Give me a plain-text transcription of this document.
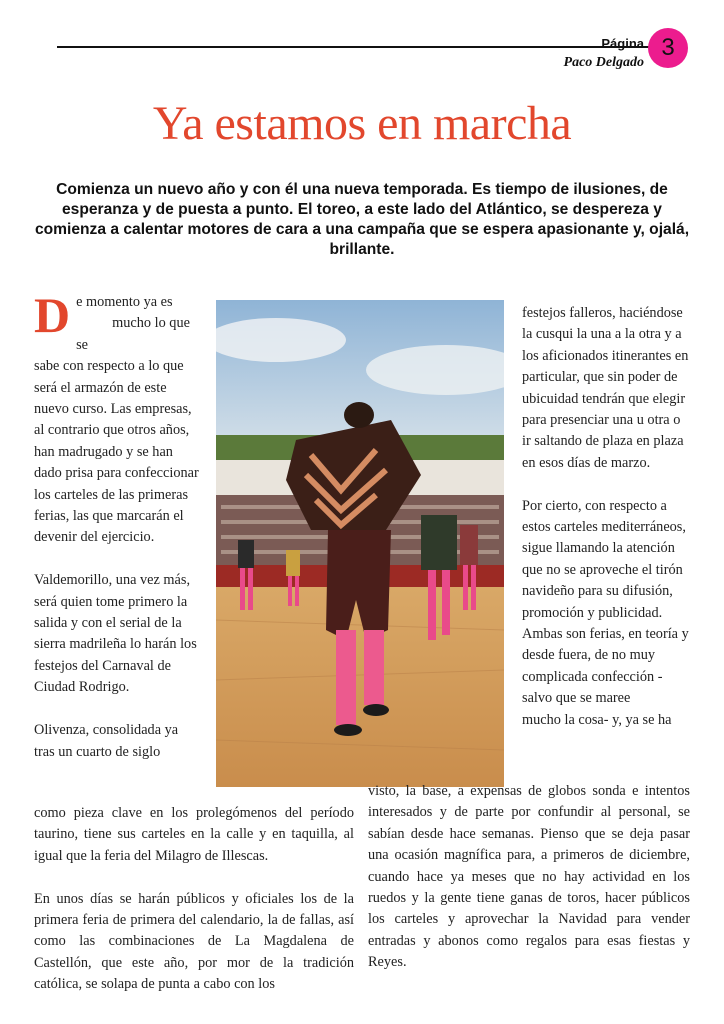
Página 3
Paco Delgado
Ya estamos en marcha

Comienza un nuevo año y con él una nueva temporada. Es tiempo de ilusiones, de esperanza y de puesta a punto. El toreo, a este lado del Atlántico, se despereza y comienza a calentar motores de cara a una campaña que se espera apasionante y, ojalá, brillante.

De momento ya es
mucho lo que se
sabe con respecto a lo que será el armazón de este nuevo curso. Las empresas, al contrario que otros años, han madrugado y se han dado prisa para confeccionar los carteles de las primeras ferias, las que marcarán el devenir del ejercicio.

Valdemorillo, una vez más, será quien tome primero la salida y con el serial de la sierra madrileña lo harán los festejos del Carnaval de Ciudad Rodrigo.

Olivenza, consolidada ya
tras un cuarto de siglo

festejos falleros, haciéndose la cusqui la una a la otra y a los aficionados itinerantes en particular, que sin poder de ubicuidad tendrán que elegir para presenciar una u otra o ir saltando de plaza en plaza en esos días de marzo.

Por cierto, con respecto a estos carteles mediterráneos, sigue llamando la atención que no se aproveche el tirón navideño para su difusión, promoción y publicidad.

Ambas son ferias, en teoría y desde fuera, de no muy complicada confección -salvo que se maree
mucho la cosa- y, ya se ha

como pieza clave en los prolegómenos del período taurino, tiene sus carteles en la calle y en taquilla, al igual que la feria del Milagro de Illescas.

En unos días se harán públicos y oficiales los de la primera feria de primera del calendario, la de fallas, así como las combinaciones de La Magdalena de Castellón, que este año, por mor de la tradición católica, se solapa de punta a cabo con los

visto, la base, a expensas de globos sonda e intentos interesados y de parte por confundir al personal, se sabían desde hace semanas. Pienso que se deja pasar una ocasión magnífica para, a primeros de diciembre, cuando hace ya meses que no hay actividad en los ruedos y la gente tiene ganas de toros, hacer públicos los carteles y aprovechar la Navidad para vender entradas y abonos como regalos para esas fiestas y Reyes.
